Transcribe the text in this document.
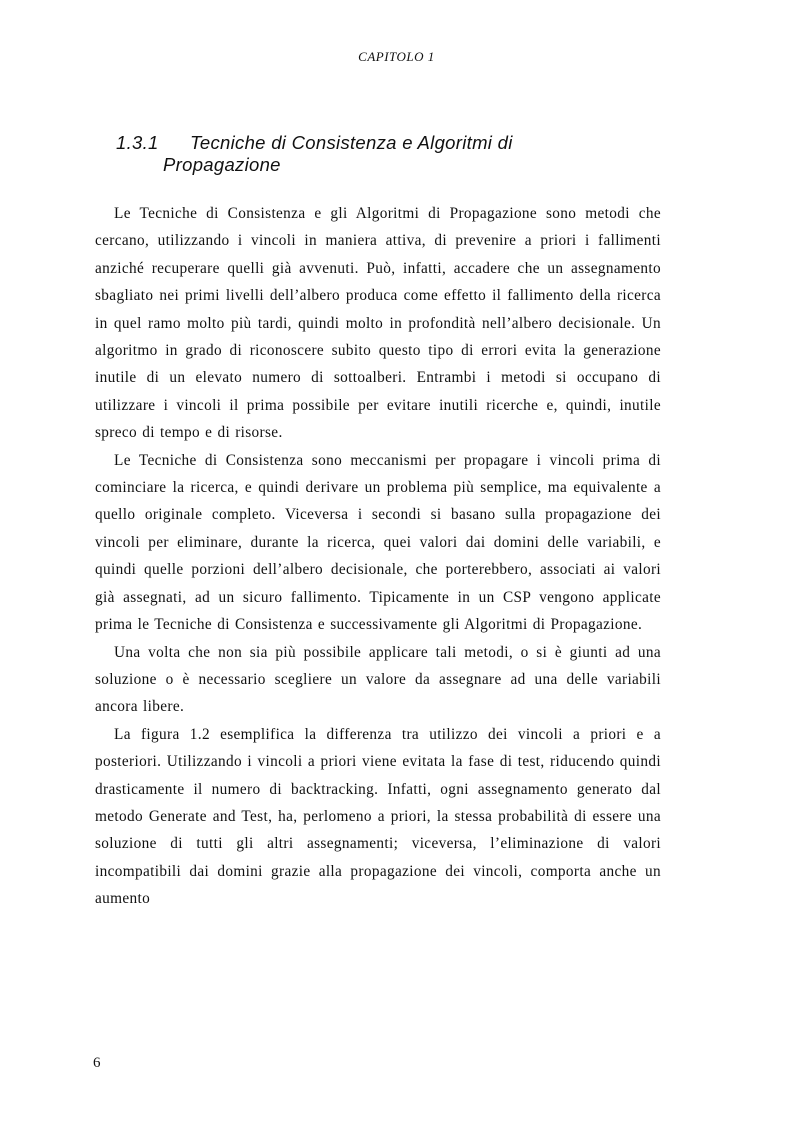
CAPITOLO 1
1.3.1 Tecniche di Consistenza e Algoritmi di
Propagazione

Le Tecniche di Consistenza e gli Algoritmi di Propagazione sono metodi che cercano, utilizzando i vincoli in maniera attiva, di prevenire a priori i fallimenti anziché recuperare quelli già avvenuti. Può, infatti, accadere che un assegnamento sbagliato nei primi livelli dell’albero produca come effetto il fallimento della ricerca in quel ramo molto più tardi, quindi molto in profondità nell’albero decisionale. Un algoritmo in grado di riconoscere subito questo tipo di errori evita la generazione inutile di un elevato numero di sottoalberi. Entrambi i metodi si occupano di utilizzare i vincoli il prima possibile per evitare inutili ricerche e, quindi, inutile spreco di tempo e di risorse.

Le Tecniche di Consistenza sono meccanismi per propagare i vincoli prima di cominciare la ricerca, e quindi derivare un problema più semplice, ma equivalente a quello originale completo. Viceversa i secondi si basano sulla propagazione dei vincoli per eliminare, durante la ricerca, quei valori dai domini delle variabili, e quindi quelle porzioni dell’albero decisionale, che porterebbero, associati ai valori già assegnati, ad un sicuro fallimento. Tipicamente in un CSP vengono applicate prima le Tecniche di Consistenza e successivamente gli Algoritmi di Propagazione.

Una volta che non sia più possibile applicare tali metodi, o si è giunti ad una soluzione o è necessario scegliere un valore da assegnare ad una delle variabili ancora libere.

La figura 1.2 esemplifica la differenza tra utilizzo dei vincoli a priori e a posteriori. Utilizzando i vincoli a priori viene evitata la fase di test, riducendo quindi drasticamente il numero di backtracking. Infatti, ogni assegnamento generato dal metodo Generate and Test, ha, perlomeno a priori, la stessa probabilità di essere una soluzione di tutti gli altri assegnamenti; viceversa, l’eliminazione di valori incompatibili dai domini grazie alla propagazione dei vincoli, comporta anche un aumento

6
